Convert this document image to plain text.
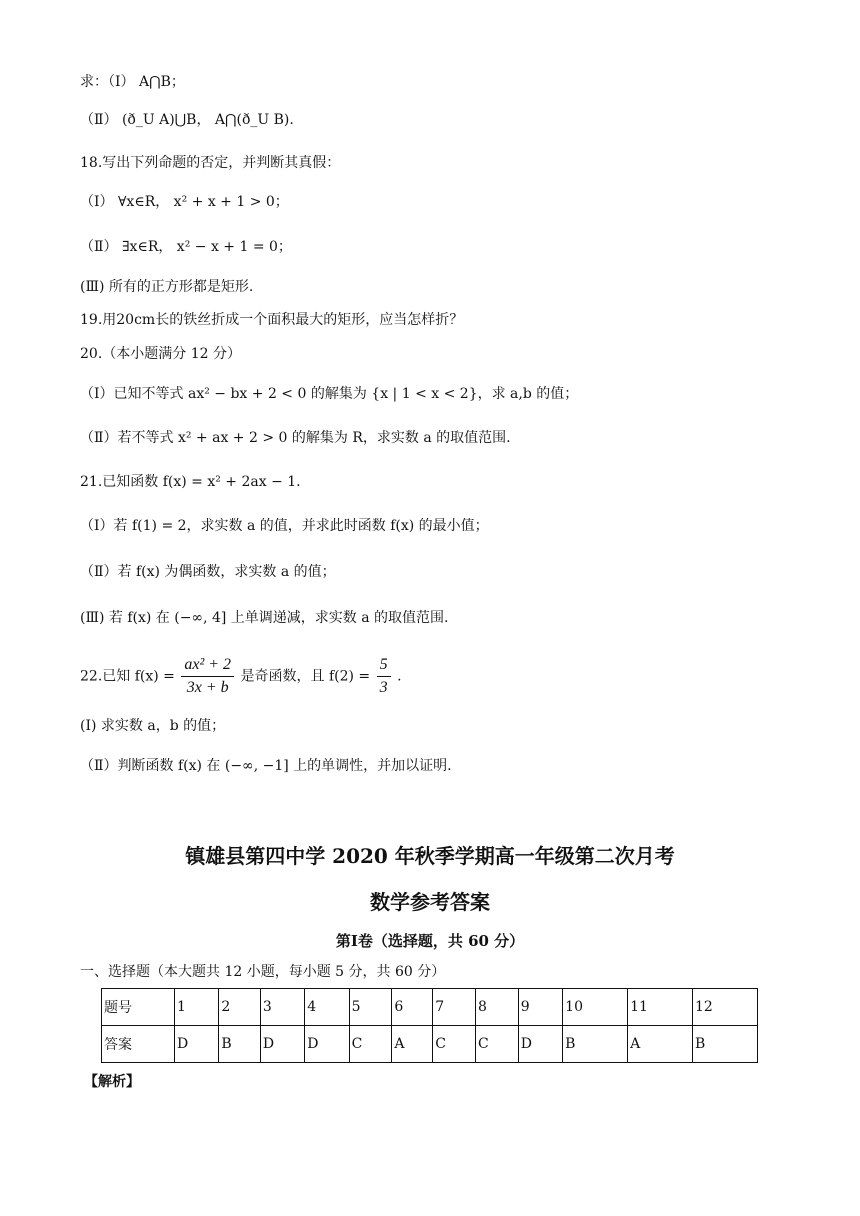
求：（Ⅰ） A⋂B；
（Ⅱ） (ð_U A)⋃B， A⋂(ð_U B).
18.写出下列命题的否定，并判断其真假：
（Ⅰ） ∀x∈R， x² + x + 1 > 0；
（Ⅱ） ∃x∈R， x² − x + 1 = 0；
(Ⅲ) 所有的正方形都是矩形.
19.用20cm长的铁丝折成一个面积最大的矩形，应当怎样折？
20.（本小题满分 12 分）
（Ⅰ）已知不等式 ax² − bx + 2 < 0 的解集为 {x | 1 < x < 2}，求 a,b 的值；
（Ⅱ）若不等式 x² + ax + 2 > 0 的解集为 R，求实数 a 的取值范围.
21.已知函数 f(x) = x² + 2ax − 1.
（Ⅰ）若 f(1) = 2，求实数 a 的值，并求此时函数 f(x) 的最小值；
（Ⅱ）若 f(x) 为偶函数，求实数 a 的值；
(Ⅲ) 若 f(x) 在 (−∞, 4] 上单调递减，求实数 a 的取值范围.
22.已知 $f(x) = \frac{\text{ax² + 2}}{3x + b}$ 是奇函数，且 $f(2) = \frac{5}{3}$ .
(Ⅰ) 求实数 a，b 的值；
（Ⅱ）判断函数 f(x) 在 (−∞, −1] 上的单调性，并加以证明.
镇雄县第四中学 2020 年秋季学期高一年级第二次月考
数学参考答案
第Ⅰ卷（选择题，共 60 分）
一、选择题（本大题共 12 小题，每小题 5 分，共 60 分）
题号	1	2	3	4	5	6	7	8	9	10	11	12
答案	D	B	D	D	C	A	C	C	D	B	A	B
【解析】
